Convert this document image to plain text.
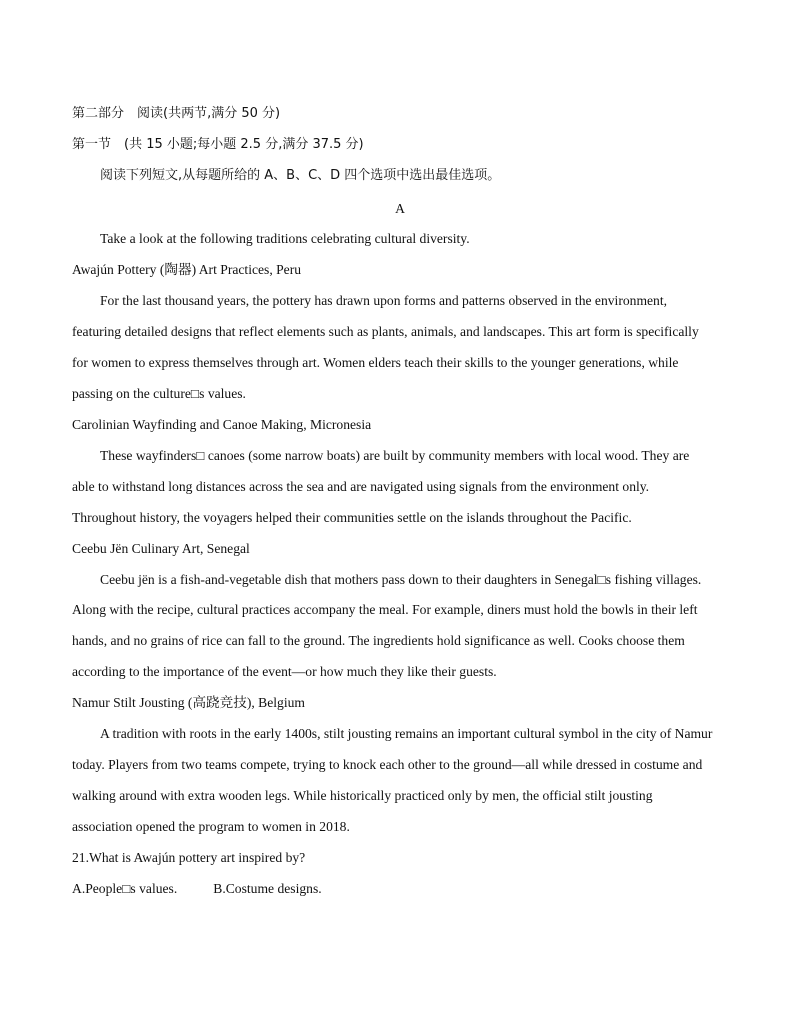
第二部分　阅读(共两节,满分 50 分)
第一节　(共 15 小题;每小题 2.5 分,满分 37.5 分)
阅读下列短文,从每题所给的 A、B、C、D 四个选项中选出最佳选项。
A
Take a look at the following traditions celebrating cultural diversity.
Awajún Pottery (陶器) Art Practices, Peru
For the last thousand years, the pottery has drawn upon forms and patterns observed in the environment,
featuring detailed designs that reflect elements such as plants, animals, and landscapes. This art form is specifically
for women to express themselves through art. Women elders teach their skills to the younger generations, while
passing on the culture□s values.
Carolinian Wayfinding and Canoe Making, Micronesia
These wayfinders□ canoes (some narrow boats) are built by community members with local wood. They are
able to withstand long distances across the sea and are navigated using signals from the environment only.
Throughout history, the voyagers helped their communities settle on the islands throughout the Pacific.
Ceebu Jën Culinary Art, Senegal
Ceebu jën is a fish-and-vegetable dish that mothers pass down to their daughters in Senegal□s fishing villages.
Along with the recipe, cultural practices accompany the meal. For example, diners must hold the bowls in their left
hands, and no grains of rice can fall to the ground. The ingredients hold significance as well. Cooks choose them
according to the importance of the event—or how much they like their guests.
Namur Stilt Jousting (高跷竞技), Belgium
A tradition with roots in the early 1400s, stilt jousting remains an important cultural symbol in the city of Namur
today. Players from two teams compete, trying to knock each other to the ground—all while dressed in costume and
walking around with extra wooden legs. While historically practiced only by men, the official stilt jousting
association opened the program to women in 2018.
21.What is Awajún pottery art inspired by?
A.People□s values.	B.Costume designs.
